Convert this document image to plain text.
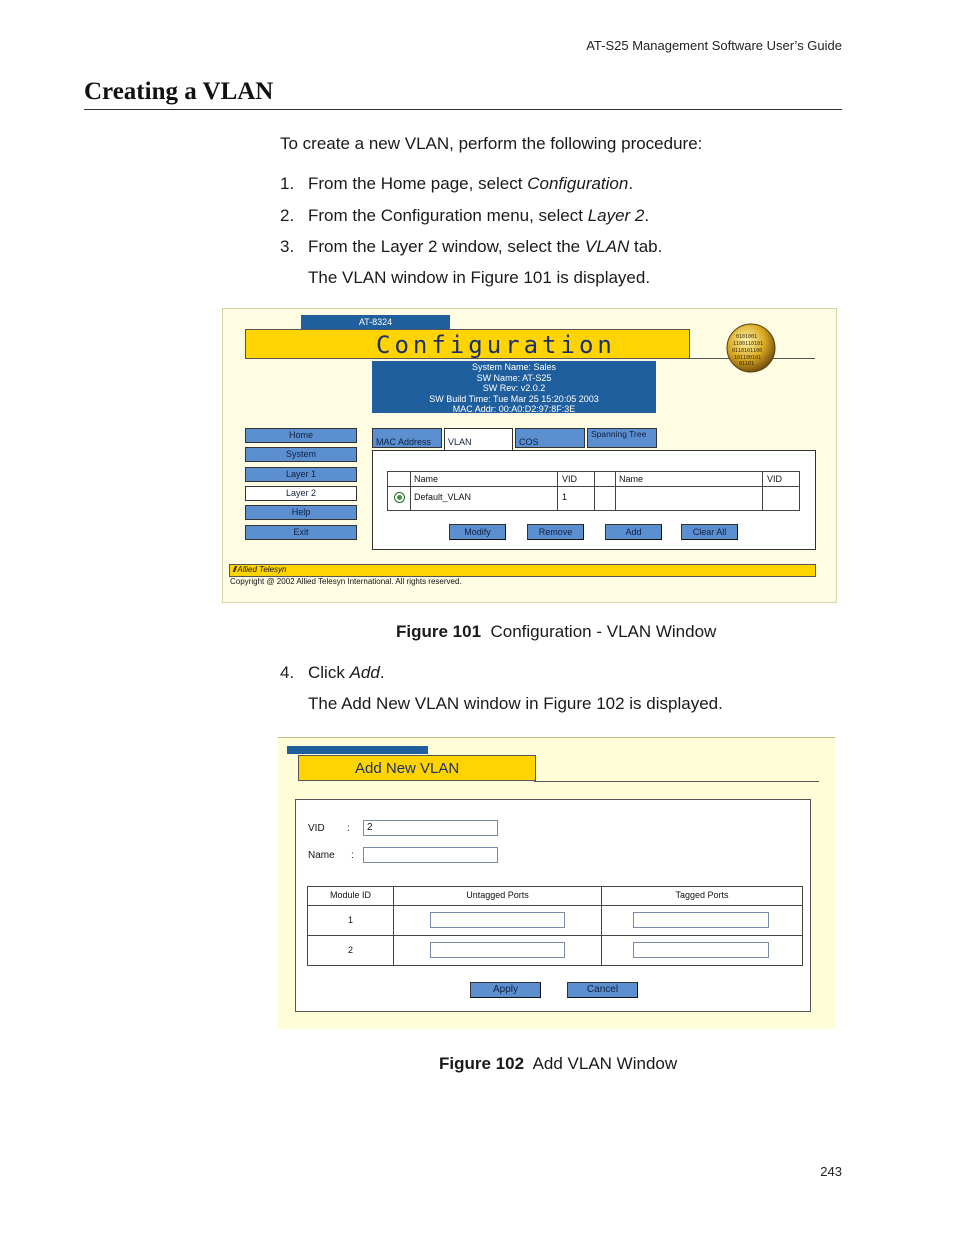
AT-S25 Management Software User’s Guide
Creating a VLAN
To create a new VLAN, perform the following procedure:
1. From the Home page, select Configuration.
2. From the Configuration menu, select Layer 2.
3. From the Layer 2 window, select the VLAN tab.
The VLAN window in Figure 101 is displayed.
AT-8324
Configuration	0101001
1100110101
0110101100
101100101
01101
System Name: Sales
SW Name: AT-S25
SW Rev: v2.0.2
SW Build Time: Tue Mar 25 15:20:05 2003
MAC Addr: 00:A0:D2:97:8F:3E
Home
System
Layer 1
Layer 2
Help
Exit
MAC Address	VLAN	COS
Spanning Tree
Name	VID	Name	VID
Default_VLAN	1
Modify	Remove	Add	Clear All
// Allied Telesyn
Copyright @ 2002 Allied Telesyn International. All rights reserved.
Figure 101 Configuration - VLAN Window
4. Click Add.
The Add New VLAN window in Figure 102 is displayed.
Add New VLAN
VID :	2
Name :
Module ID	Untagged Ports	Tagged Ports
1
2
Apply	Cancel
Figure 102 Add VLAN Window
243
